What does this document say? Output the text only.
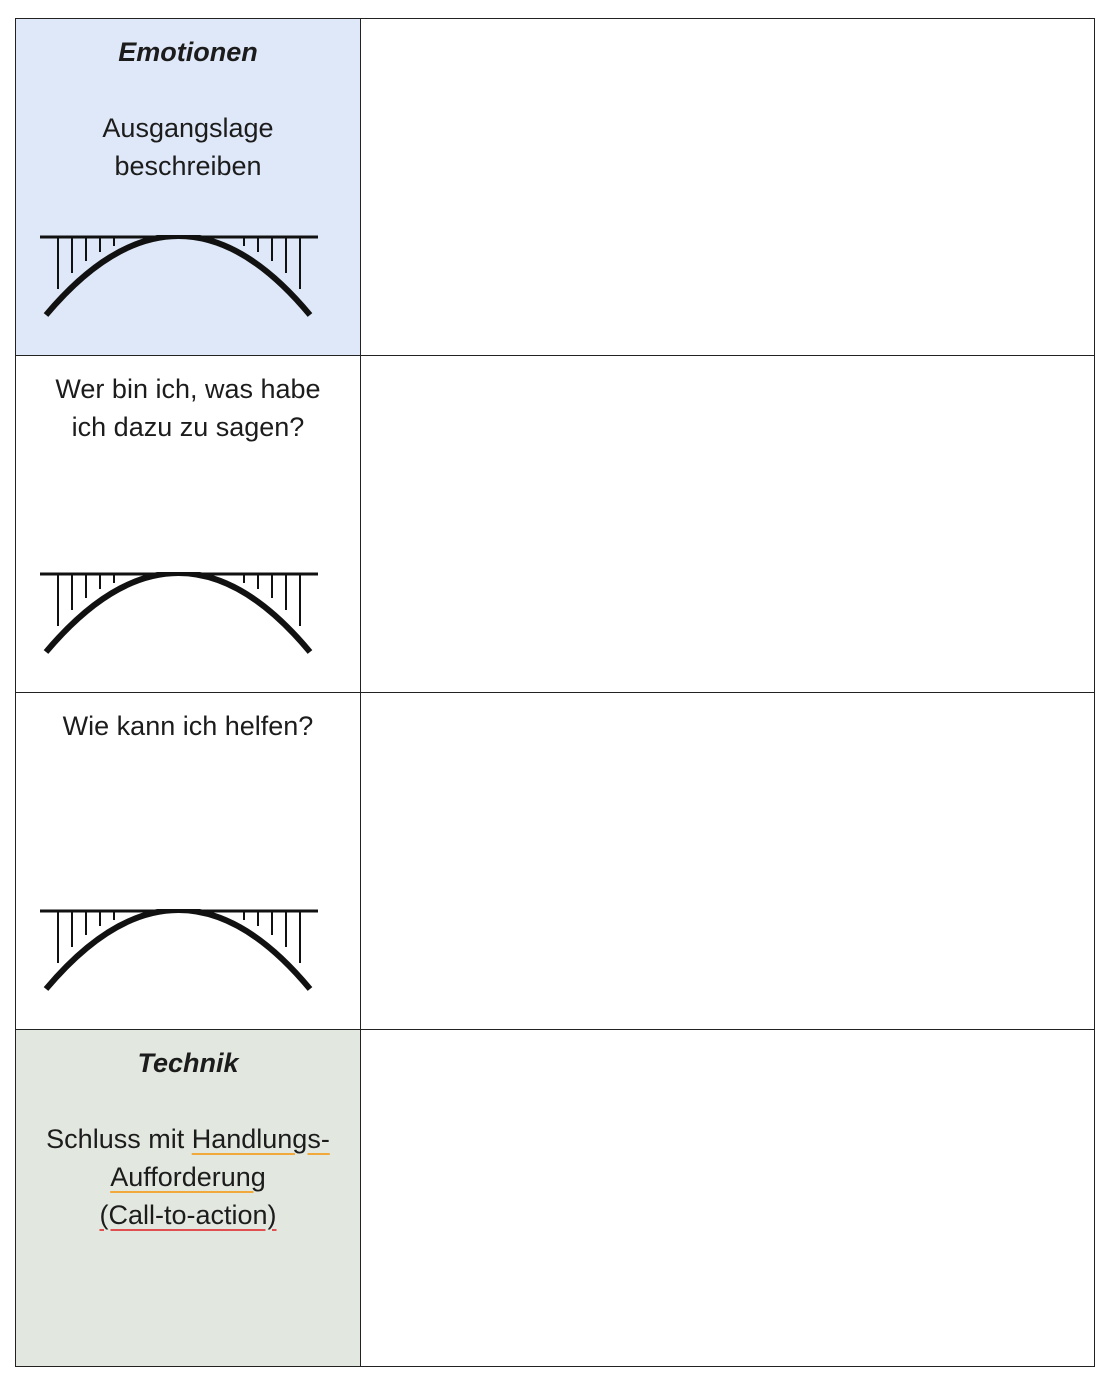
Emotionen
Ausgangslage
beschreiben
Wer bin ich, was habe
ich dazu zu sagen?
Wie kann ich helfen?
Technik
Schluss mit Handlungs-
Aufforderung
(Call-to-action)
